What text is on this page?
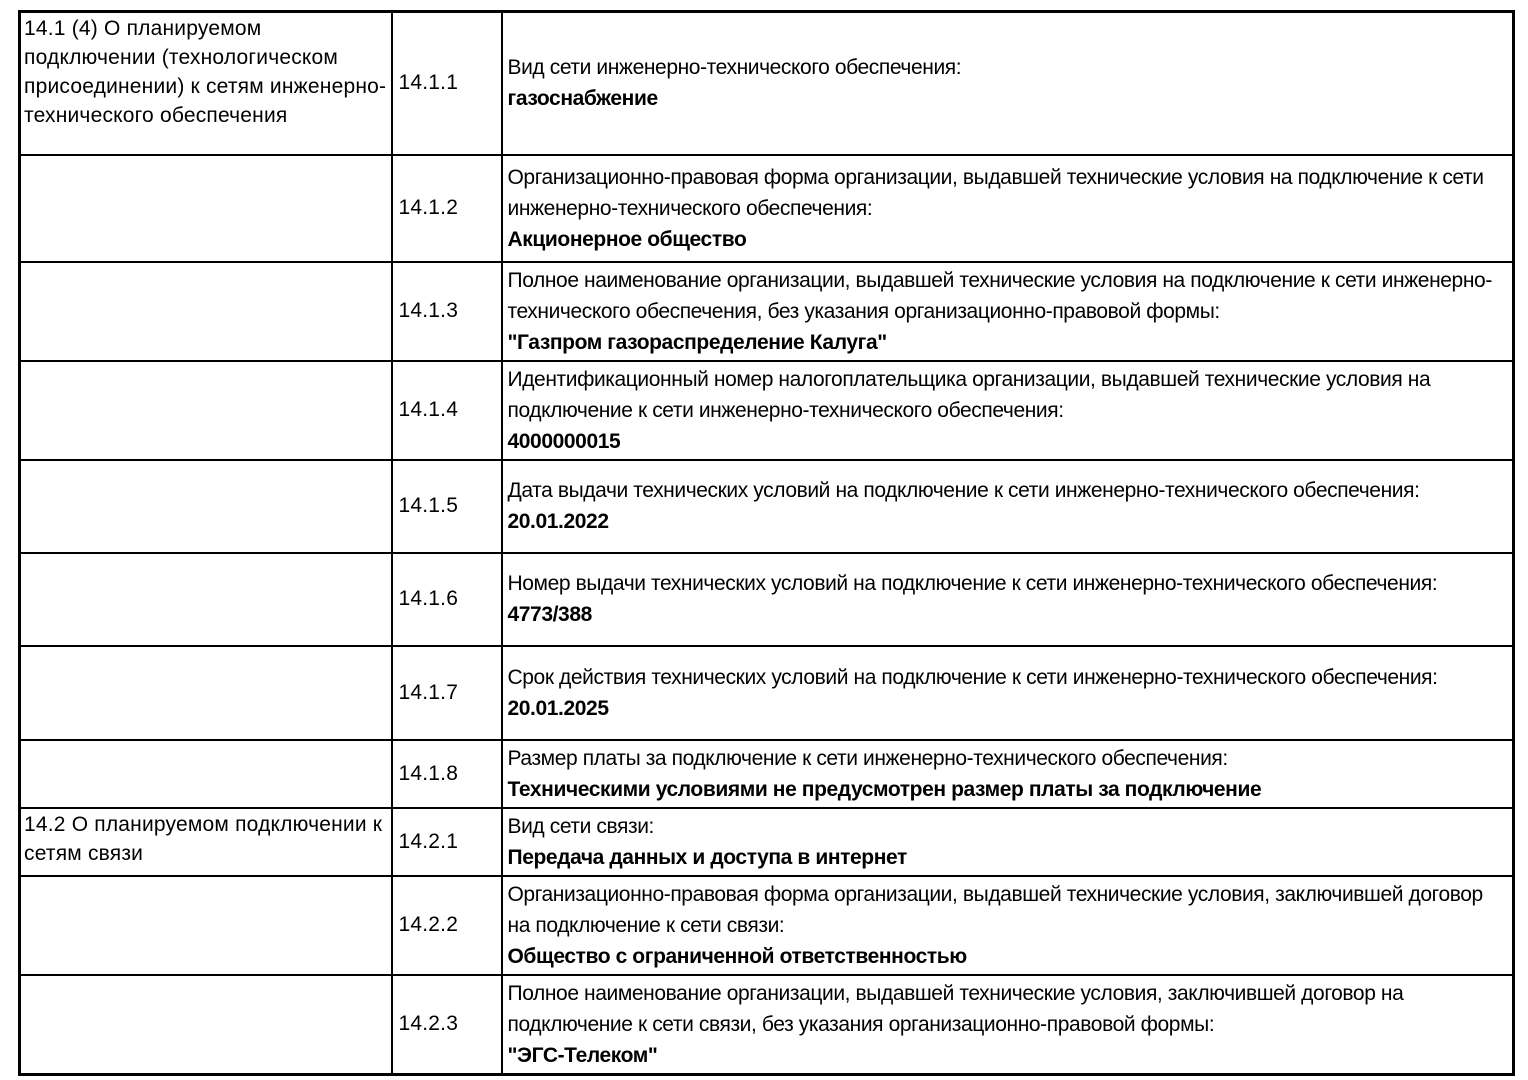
14.1 (4) О планируемом подключении (технологическом присоединении) к сетям инженерно-технического обеспечения	14.1.1	Вид сети инженерно-технического обеспечения:
газоснабжение

	14.1.2	Организационно-правовая форма организации, выдавшей технические условия на подключение к сети инженерно-технического обеспечения:
Акционерное общество

	14.1.3	Полное наименование организации, выдавшей технические условия на подключение к сети инженерно-технического обеспечения, без указания организационно-правовой формы:
"Газпром газораспределение Калуга"

	14.1.4	Идентификационный номер налогоплательщика организации, выдавшей технические условия на подключение к сети инженерно-технического обеспечения:
4000000015

	14.1.5	Дата выдачи технических условий на подключение к сети инженерно-технического обеспечения:
20.01.2022

	14.1.6	Номер выдачи технических условий на подключение к сети инженерно-технического обеспечения:
4773/388

	14.1.7	Срок действия технических условий на подключение к сети инженерно-технического обеспечения:
20.01.2025

	14.1.8	Размер платы за подключение к сети инженерно-технического обеспечения:
Техническими условиями не предусмотрен размер платы за подключение

14.2 О планируемом подключении к сетям связи	14.2.1	Вид сети связи:
Передача данных и доступа в интернет

	14.2.2	Организационно-правовая форма организации, выдавшей технические условия, заключившей договор на подключение к сети связи:
Общество с ограниченной ответственностью

	14.2.3	Полное наименование организации, выдавшей технические условия, заключившей договор на подключение к сети связи, без указания организационно-правовой формы:
"ЭГС-Телеком"
